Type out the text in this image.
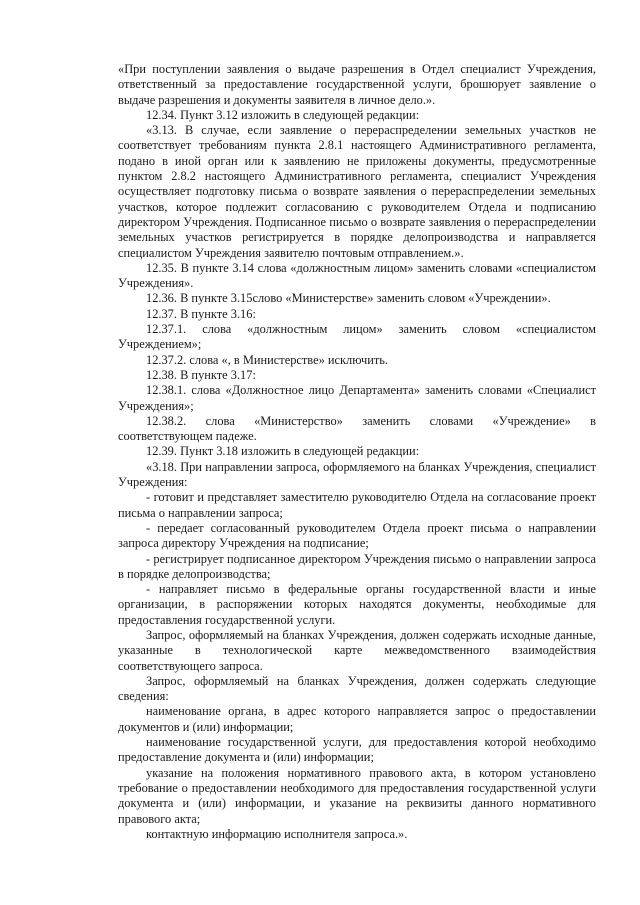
«При поступлении заявления о выдаче разрешения в Отдел специалист Учреждения, ответственный за предоставление государственной услуги, брошюрует заявление о выдаче разрешения и документы заявителя в личное дело.».

12.34. Пункт 3.12 изложить в следующей редакции:

«3.13. В случае, если заявление о перераспределении земельных участков не соответствует требованиям пункта 2.8.1 настоящего Административного регламента, подано в иной орган или к заявлению не приложены документы, предусмотренные пунктом 2.8.2 настоящего Административного регламента, специалист Учреждения осуществляет подготовку письма о возврате заявления о перераспределении земельных участков, которое подлежит согласованию с руководителем Отдела и подписанию директором Учреждения. Подписанное письмо о возврате заявления о перераспределении земельных участков регистрируется в порядке делопроизводства и направляется специалистом Учреждения заявителю почтовым отправлением.».

12.35. В пункте 3.14 слова «должностным лицом» заменить словами «специалистом Учреждения».

12.36. В пункте 3.15слово «Министерстве» заменить словом «Учреждении».

12.37. В пункте 3.16:

12.37.1. слова «должностным лицом» заменить словом «специалистом Учреждением»;

12.37.2. слова «, в Министерстве» исключить.

12.38. В пункте 3.17:

12.38.1. слова «Должностное лицо Департамента» заменить словами «Специалист Учреждения»;

12.38.2. слова «Министерство» заменить словами «Учреждение» в соответствующем падеже.

12.39. Пункт 3.18 изложить в следующей редакции:

«3.18. При направлении запроса, оформляемого на бланках Учреждения, специалист Учреждения:

- готовит и представляет заместителю руководителю Отдела на согласование проект письма о направлении запроса;

- передает согласованный руководителем Отдела проект письма о направлении запроса директору Учреждения на подписание;

- регистрирует подписанное директором Учреждения письмо о направлении запроса в порядке делопроизводства;

- направляет письмо в федеральные органы государственной власти и иные организации, в распоряжении которых находятся документы, необходимые для предоставления государственной услуги.

Запрос, оформляемый на бланках Учреждения, должен содержать исходные данные, указанные в технологической карте межведомственного взаимодействия соответствующего запроса.

Запрос, оформляемый на бланках Учреждения, должен содержать следующие сведения:

наименование органа, в адрес которого направляется запрос о предоставлении документов и (или) информации;

наименование государственной услуги, для предоставления которой необходимо предоставление документа и (или) информации;

указание на положения нормативного правового акта, в котором установлено требование о предоставлении необходимого для предоставления государственной услуги документа и (или) информации, и указание на реквизиты данного нормативного правового акта;

контактную информацию исполнителя запроса.».
